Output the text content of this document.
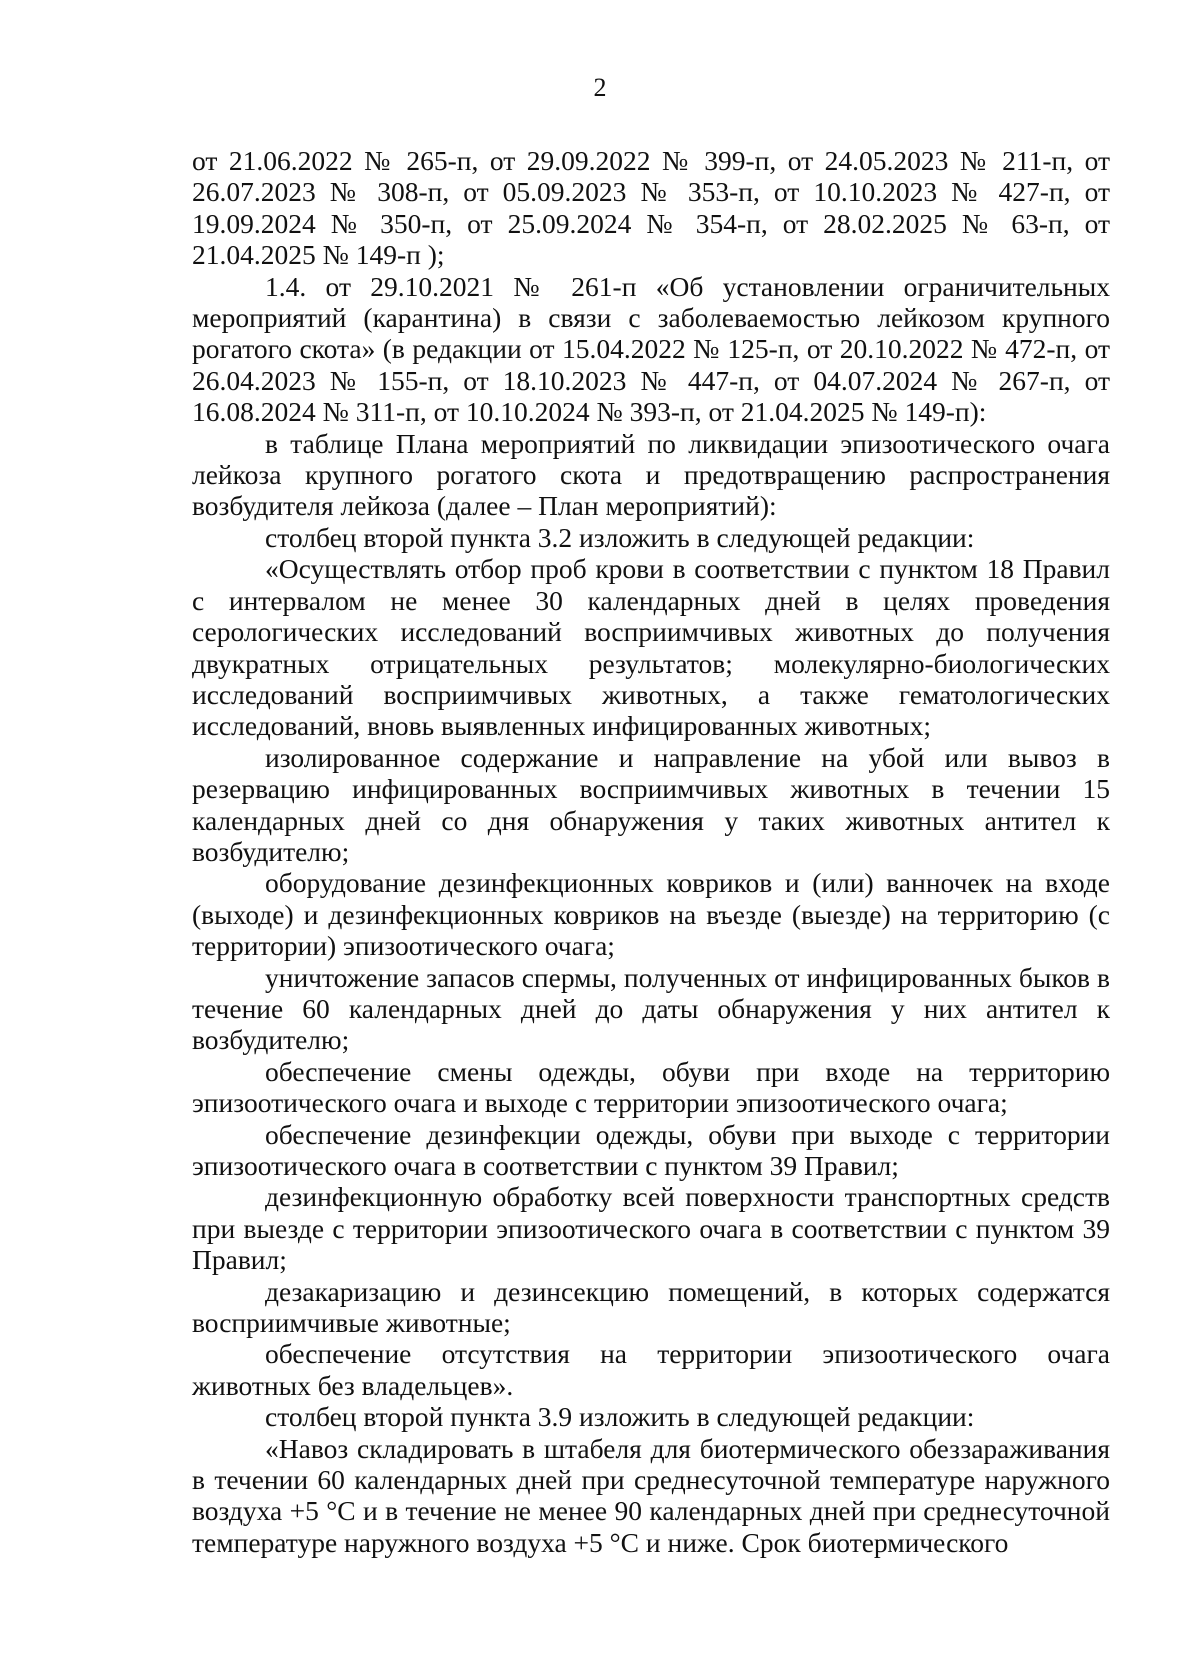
2

от 21.06.2022 № 265-п, от 29.09.2022 № 399-п, от 24.05.2023 № 211-п, от 26.07.2023 № 308-п, от 05.09.2023 № 353-п, от 10.10.2023 № 427-п, от 19.09.2024 № 350-п, от 25.09.2024 № 354-п, от 28.02.2025 № 63-п, от 21.04.2025 № 149-п );

1.4. от 29.10.2021 № 261-п «Об установлении ограничительных мероприятий (карантина) в связи с заболеваемостью лейкозом крупного рогатого скота» (в редакции от 15.04.2022 № 125-п, от 20.10.2022 № 472-п, от 26.04.2023 № 155-п, от 18.10.2023 № 447-п, от 04.07.2024 № 267-п, от 16.08.2024 № 311-п, от 10.10.2024 № 393-п, от 21.04.2025 № 149-п):

в таблице Плана мероприятий по ликвидации эпизоотического очага лейкоза крупного рогатого скота и предотвращению распространения возбудителя лейкоза (далее – План мероприятий):

столбец второй пункта 3.2 изложить в следующей редакции:

«Осуществлять отбор проб крови в соответствии с пунктом 18 Правил с интервалом не менее 30 календарных дней в целях проведения серологических исследований восприимчивых животных до получения двукратных отрицательных результатов; молекулярно-биологических исследований восприимчивых животных, а также гематологических исследований, вновь выявленных инфицированных животных;

изолированное содержание и направление на убой или вывоз в резервацию инфицированных восприимчивых животных в течении 15 календарных дней со дня обнаружения у таких животных антител к возбудителю;

оборудование дезинфекционных ковриков и (или) ванночек на входе (выходе) и дезинфекционных ковриков на въезде (выезде) на территорию (с территории) эпизоотического очага;

уничтожение запасов спермы, полученных от инфицированных быков в течение 60 календарных дней до даты обнаружения у них антител к возбудителю;

обеспечение смены одежды, обуви при входе на территорию эпизоотического очага и выходе с территории эпизоотического очага;

обеспечение дезинфекции одежды, обуви при выходе с территории эпизоотического очага в соответствии с пунктом 39 Правил;

дезинфекционную обработку всей поверхности транспортных средств при выезде с территории эпизоотического очага в соответствии с пунктом 39 Правил;

дезакаризацию и дезинсекцию помещений, в которых содержатся восприимчивые животные;

обеспечение отсутствия на территории эпизоотического очага животных без владельцев».

столбец второй пункта 3.9 изложить в следующей редакции:

«Навоз складировать в штабеля для биотермического обеззараживания в течении 60 календарных дней при среднесуточной температуре наружного воздуха +5 °С и в течение не менее 90 календарных дней при среднесуточной температуре наружного воздуха +5 °С и ниже. Срок биотермического
